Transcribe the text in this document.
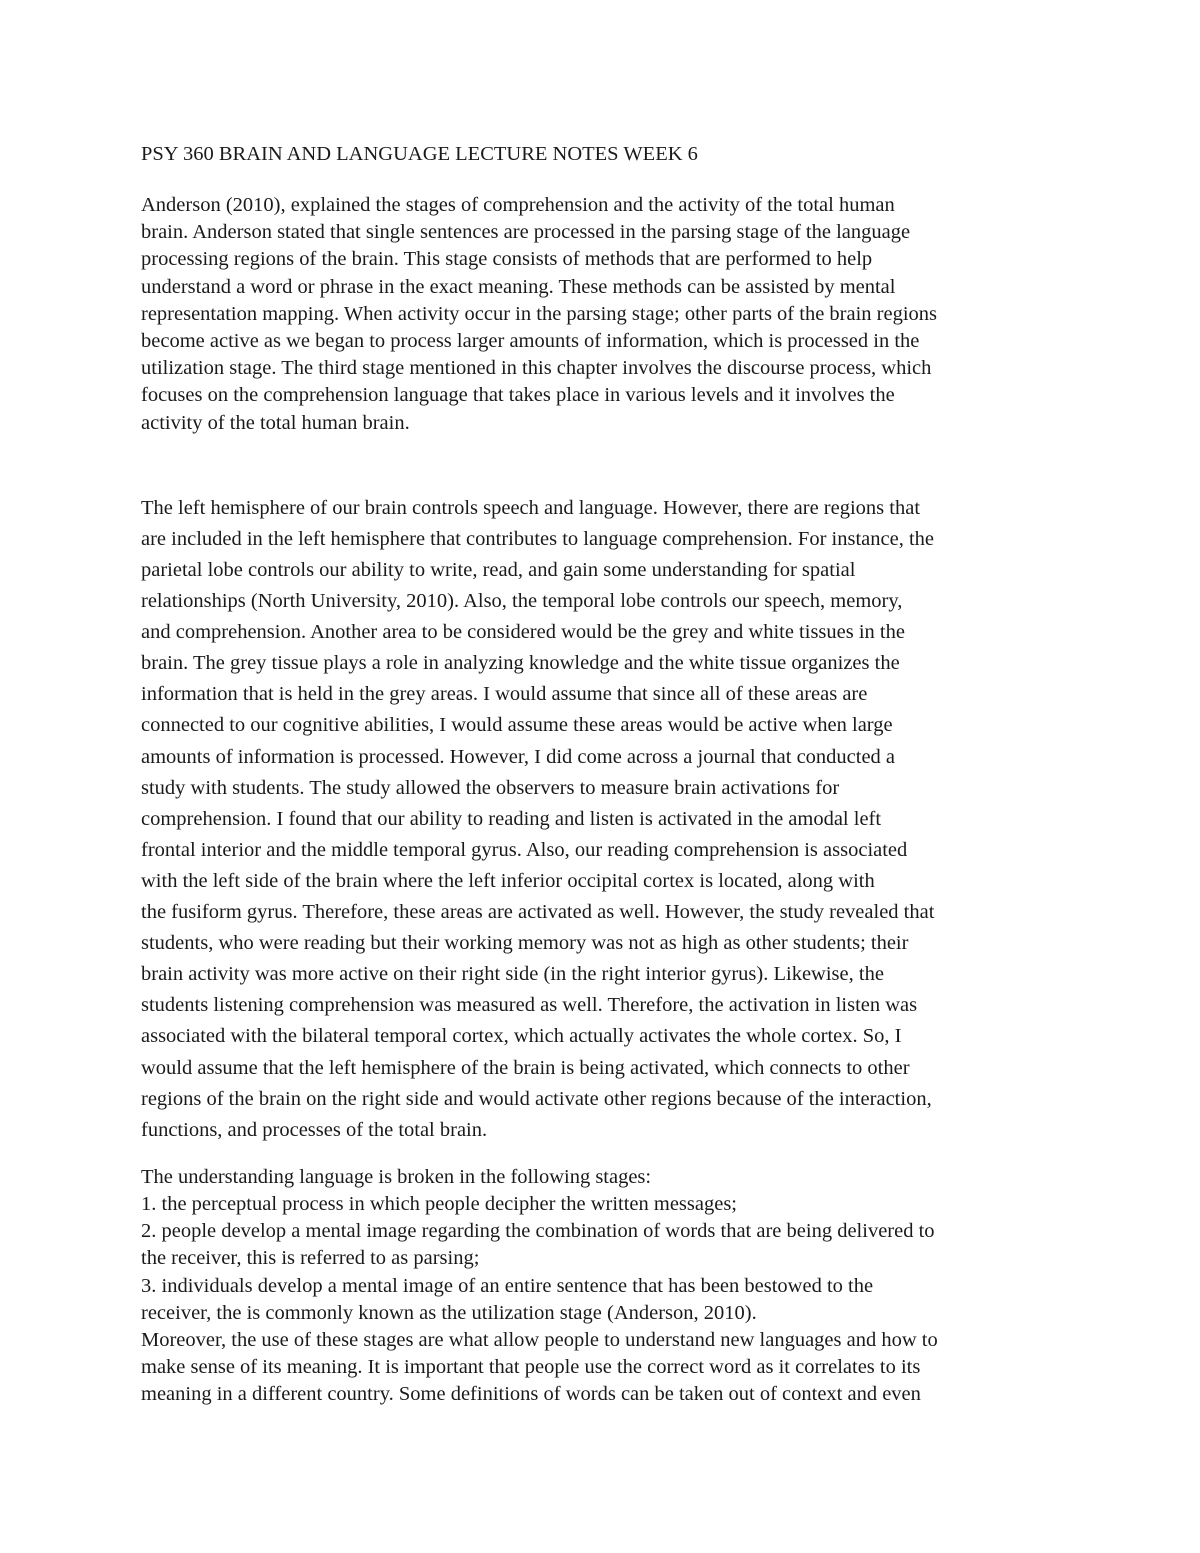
PSY 360 BRAIN AND LANGUAGE LECTURE NOTES WEEK 6

Anderson (2010), explained the stages of comprehension and the activity of the total human
brain. Anderson stated that single sentences are processed in the parsing stage of the language
processing regions of the brain. This stage consists of methods that are performed to help
understand a word or phrase in the exact meaning. These methods can be assisted by mental
representation mapping. When activity occur in the parsing stage; other parts of the brain regions
become active as we began to process larger amounts of information, which is processed in the
utilization stage. The third stage mentioned in this chapter involves the discourse process, which
focuses on the comprehension language that takes place in various levels and it involves the
activity of the total human brain.

The left hemisphere of our brain controls speech and language. However, there are regions that
are included in the left hemisphere that contributes to language comprehension. For instance, the
parietal lobe controls our ability to write, read, and gain some understanding for spatial
relationships (North University, 2010). Also, the temporal lobe controls our speech, memory,
and comprehension. Another area to be considered would be the grey and white tissues in the
brain. The grey tissue plays a role in analyzing knowledge and the white tissue organizes the
information that is held in the grey areas. I would assume that since all of these areas are
connected to our cognitive abilities, I would assume these areas would be active when large
amounts of information is processed. However, I did come across a journal that conducted a
study with students. The study allowed the observers to measure brain activations for
comprehension. I found that our ability to reading and listen is activated in the amodal left
frontal interior and the middle temporal gyrus. Also, our reading comprehension is associated
with the left side of the brain where the left inferior occipital cortex is located, along with
the fusiform gyrus. Therefore, these areas are activated as well. However, the study revealed that
students, who were reading but their working memory was not as high as other students; their
brain activity was more active on their right side (in the right interior gyrus). Likewise, the
students listening comprehension was measured as well. Therefore, the activation in listen was
associated with the bilateral temporal cortex, which actually activates the whole cortex. So, I
would assume that the left hemisphere of the brain is being activated, which connects to other
regions of the brain on the right side and would activate other regions because of the interaction,
functions, and processes of the total brain.

The understanding language is broken in the following stages:

1. the perceptual process in which people decipher the written messages;
2. people develop a mental image regarding the combination of words that are being delivered to
the receiver, this is referred to as parsing;
3. individuals develop a mental image of an entire sentence that has been bestowed to the
receiver, the is commonly known as the utilization stage (Anderson, 2010).

Moreover, the use of these stages are what allow people to understand new languages and how to
make sense of its meaning. It is important that people use the correct word as it correlates to its
meaning in a different country. Some definitions of words can be taken out of context and even
